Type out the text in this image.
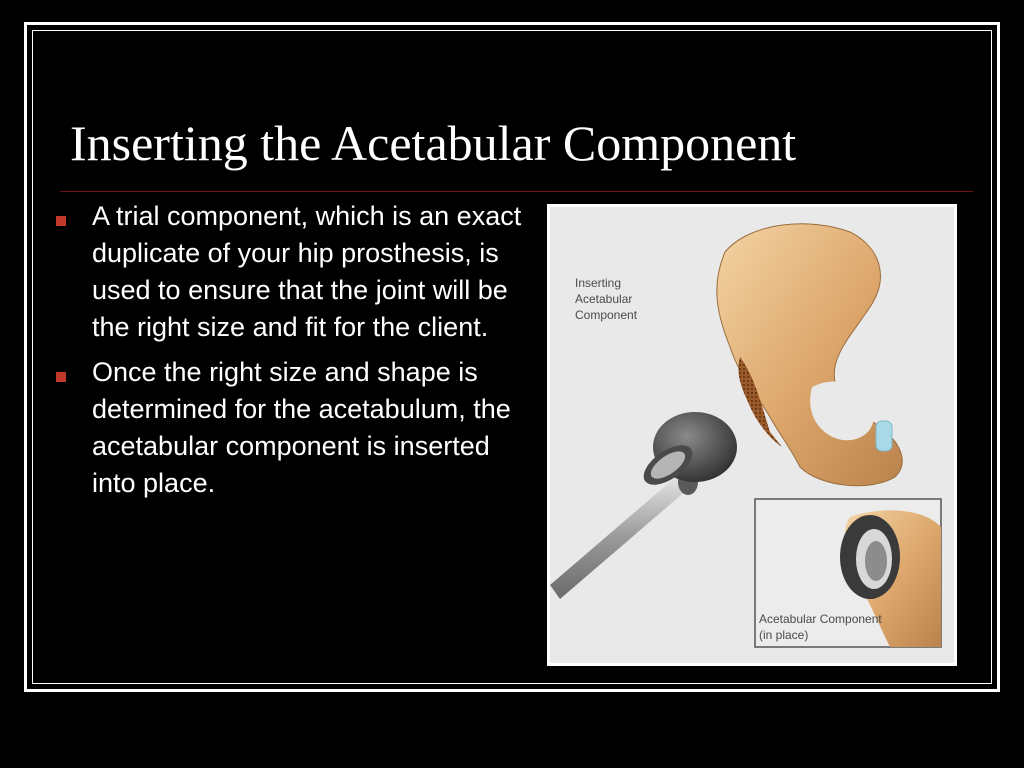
Inserting the Acetabular Component
A trial component, which is an exact duplicate of your hip prosthesis, is used to ensure that the joint will be the right size and fit for the client.
Once the right size and shape is determined for the acetabulum, the acetabular component is inserted into place.
Inserting
Acetabular
Component
Acetabular Component
(in place)
